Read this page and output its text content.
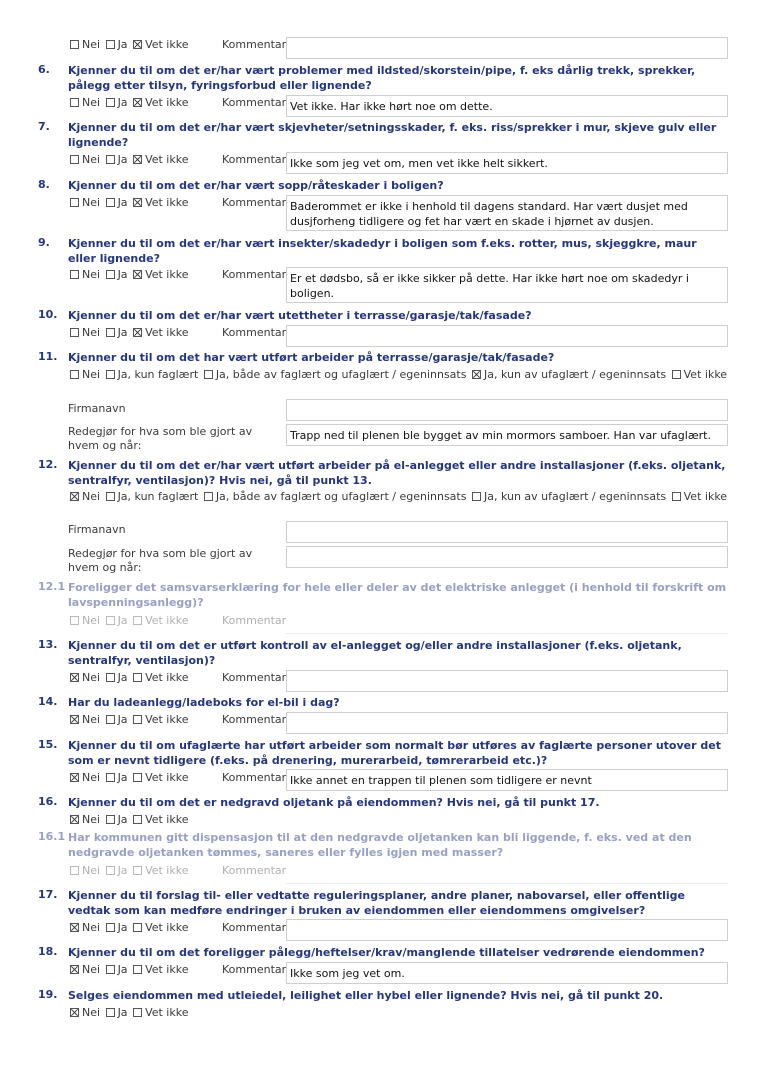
Nei Ja Vet ikke	Kommentar
6.	Kjenner du til om det er/har vært problemer med ildsted/skorstein/pipe, f. eks dårlig trekk, sprekker, pålegg etter tilsyn, fyringsforbud eller lignende?
Nei Ja Vet ikke	Kommentar Vet ikke. Har ikke hørt noe om dette.
7.	Kjenner du til om det er/har vært skjevheter/setningsskader, f. eks. riss/sprekker i mur, skjeve gulv eller lignende?
Nei Ja Vet ikke	Kommentar Ikke som jeg vet om, men vet ikke helt sikkert.
8.	Kjenner du til om det er/har vært sopp/råteskader i boligen?
Nei Ja Vet ikke	Kommentar Baderommet er ikke i henhold til dagens standard. Har vært dusjet med dusjforheng tidligere og fet har vært en skade i hjørnet av dusjen.
9.	Kjenner du til om det er/har vært insekter/skadedyr i boligen som f.eks. rotter, mus, skjeggkre, maur eller lignende?
Nei Ja Vet ikke	Kommentar Er et dødsbo, så er ikke sikker på dette. Har ikke hørt noe om skadedyr i boligen.
10. Kjenner du til om det er/har vært utettheter i terrasse/garasje/tak/fasade?
Nei Ja Vet ikke	Kommentar
11. Kjenner du til om det har vært utført arbeider på terrasse/garasje/tak/fasade?
Nei Ja, kun faglært Ja, både av faglært og ufaglært / egeninnsats Ja, kun av ufaglært / egeninnsats Vet ikke
Firmanavn
Redegjør for hva som ble gjort av hvem og når:
Trapp ned til plenen ble bygget av min mormors samboer. Han var ufaglært.
12. Kjenner du til om det er/har vært utført arbeider på el-anlegget eller andre installasjoner (f.eks. oljetank, sentralfyr, ventilasjon)? Hvis nei, gå til punkt 13.
Nei Ja, kun faglært Ja, både av faglært og ufaglært / egeninnsats Ja, kun av ufaglært / egeninnsats Vet ikke
Firmanavn
Redegjør for hva som ble gjort av hvem og når:
12.1 Foreligger det samsvarserklæring for hele eller deler av det elektriske anlegget (i henhold til forskrift om lavspenningsanlegg)?
Nei Ja Vet ikke	Kommentar
13. Kjenner du til om det er utført kontroll av el-anlegget og/eller andre installasjoner (f.eks. oljetank, sentralfyr, ventilasjon)?
Nei Ja Vet ikke	Kommentar
14. Har du ladeanlegg/ladeboks for el-bil i dag?
Nei Ja Vet ikke	Kommentar
15. Kjenner du til om ufaglærte har utført arbeider som normalt bør utføres av faglærte personer utover det som er nevnt tidligere (f.eks. på drenering, murerarbeid, tømrerarbeid etc.)?
Nei Ja Vet ikke	Kommentar Ikke annet en trappen til plenen som tidligere er nevnt
16. Kjenner du til om det er nedgravd oljetank på eiendommen? Hvis nei, gå til punkt 17.
Nei Ja Vet ikke
16.1 Har kommunen gitt dispensasjon til at den nedgravde oljetanken kan bli liggende, f. eks. ved at den nedgravde oljetanken tømmes, saneres eller fylles igjen med masser?
Nei Ja Vet ikke	Kommentar
17. Kjenner du til forslag til- eller vedtatte reguleringsplaner, andre planer, nabovarsel, eller offentlige vedtak som kan medføre endringer i bruken av eiendommen eller eiendommens omgivelser?
Nei Ja Vet ikke	Kommentar
18. Kjenner du til om det foreligger pålegg/heftelser/krav/manglende tillatelser vedrørende eiendommen?
Nei Ja Vet ikke	Kommentar Ikke som jeg vet om.
19. Selges eiendommen med utleiedel, leilighet eller hybel eller lignende? Hvis nei, gå til punkt 20.
Nei Ja Vet ikke
